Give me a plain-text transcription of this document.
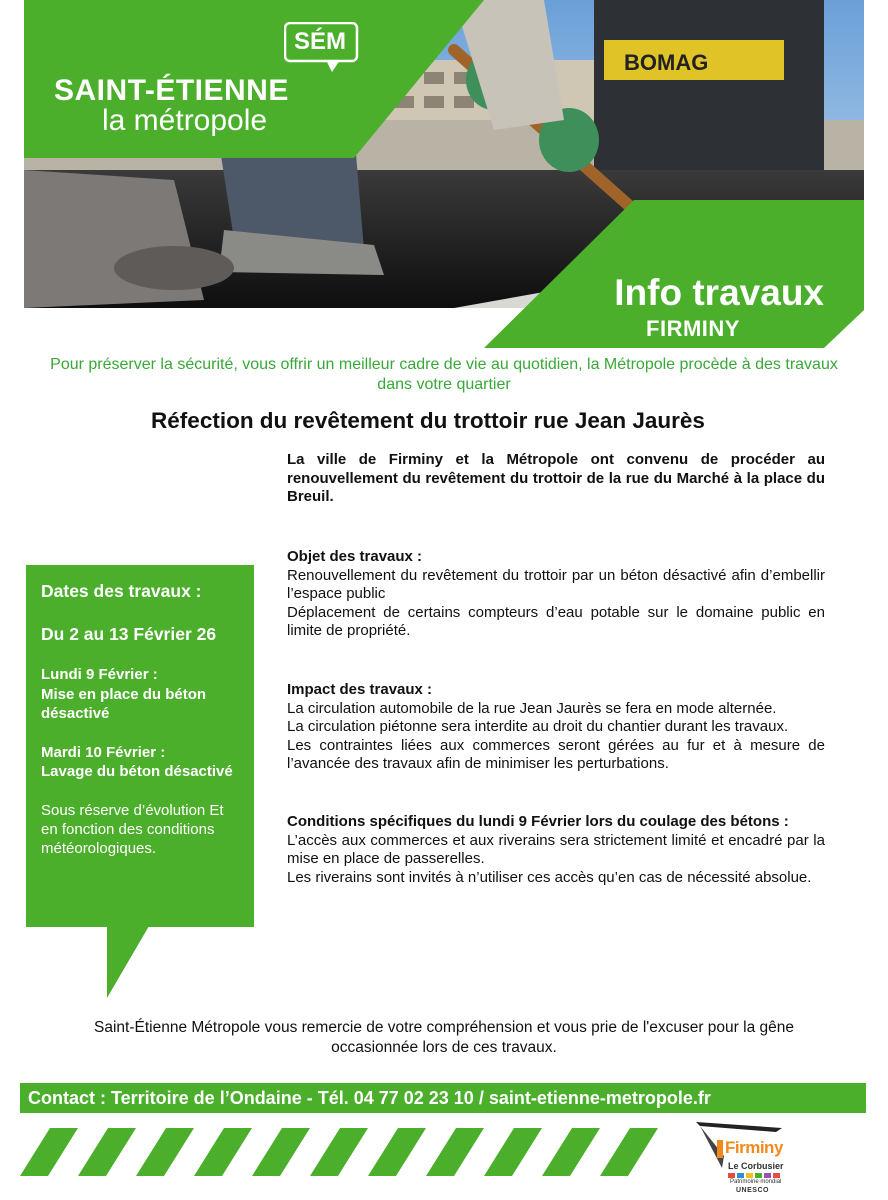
BOMAG
SÉM
SAINT-ÉTIENNE
la métropole
Info travaux
FIRMINY
Pour préserver la sécurité, vous offrir un meilleur cadre de vie au quotidien, la Métropole procède à des travaux dans votre quartier
Réfection du revêtement du trottoir rue Jean Jaurès
La ville de Firminy et la Métropole ont convenu de procéder au renouvellement du revêtement du trottoir de la rue du Marché à la place du Breuil.
Objet des travaux :

Renouvellement du revêtement du trottoir par un béton désactivé afin d’embellir l’espace public

Déplacement de certains compteurs d’eau potable sur le domaine public en limite de propriété.

Impact des travaux :

La circulation automobile de la rue Jean Jaurès se fera en mode alternée.

La circulation piétonne sera interdite au droit du chantier durant les travaux.

Les contraintes liées aux commerces seront gérées au fur et à mesure de l’avancée des travaux afin de minimiser les perturbations.

Conditions spécifiques du lundi 9 Février lors du coulage des bétons :

L’accès aux commerces et aux riverains sera strictement limité et encadré par la mise en place de passerelles.

Les riverains sont invités à n’utiliser ces accès qu’en cas de nécessité absolue.

Dates des travaux :
Du 2 au 13 Février 26
Lundi 9 Février :
Mise en place du béton désactivé
Mardi 10 Février :
Lavage du béton désactivé
Sous réserve d’évolution Et en fonction des conditions météorologiques.
Saint-Étienne Métropole vous remercie de votre compréhension et vous prie de l'excuser pour la gêne occasionnée lors de ces travaux.
Contact : Territoire de l’Ondaine - Tél. 04 77 02 23 10 / saint-etienne-metropole.fr
Firminy
Le Corbusier
Patrimoine mondial
UNESCO
